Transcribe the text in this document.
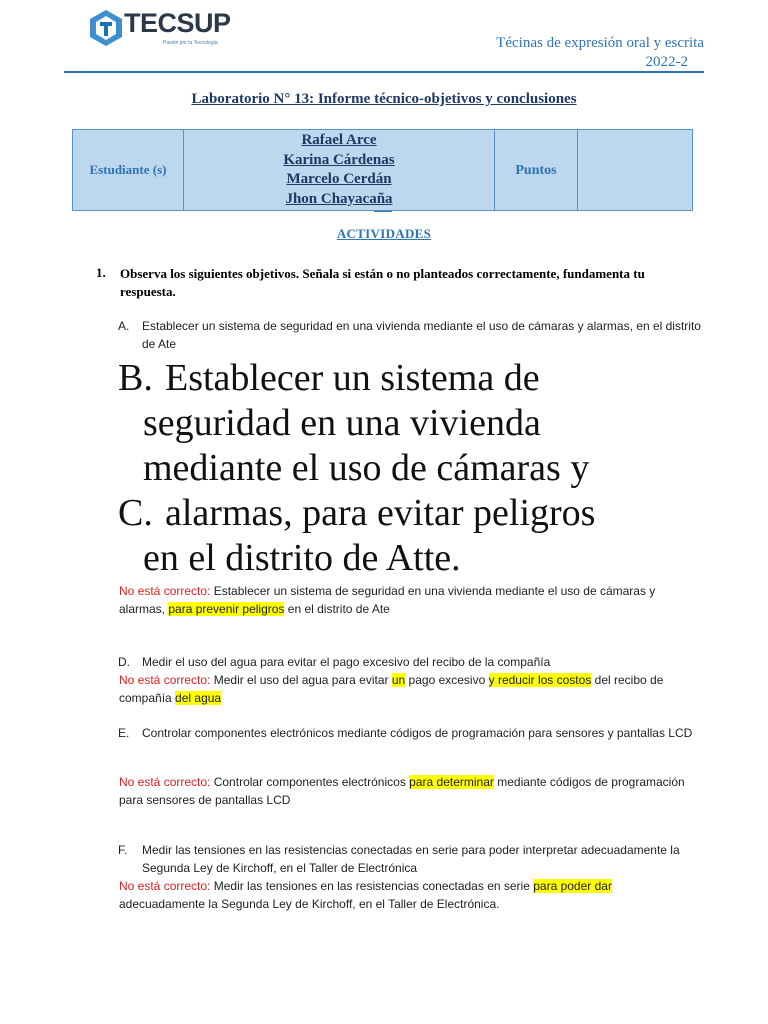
TECSUP
Pasión por la Tecnología	Técinas de expresión oral y escrita
2022-2
Laboratorio N° 13: Informe técnico-objetivos y conclusiones
Estudiante (s)	
Rafael Arce
Karina Cárdenas
Marcelo Cerdán
Jhon Chayacaña
	Puntos	
ACTIVIDADES
1. Observa los siguientes objetivos. Señala si están o no planteados correctamente, fundamenta tu respuesta.
A.	Establecer un sistema de seguridad en una vivienda mediante el uso de cámaras y alarmas, en el distrito de Ate
B. Establecer un sistema de
seguridad en una vivienda
mediante el uso de cámaras y
C. alarmas, para evitar peligros
en el distrito de Atte.
No está correcto: Establecer un sistema de seguridad en una vivienda mediante el uso de cámaras y alarmas, para prevenir peligros en el distrito de Ate
D.	Medir el uso del agua para evitar el pago excesivo del recibo de la compañía
No está correcto: Medir el uso del agua para evitar un pago excesivo y reducir los costos del recibo de compañía del agua
E.	Controlar componentes electrónicos mediante códigos de programación para sensores y pantallas LCD
No está correcto: Controlar componentes electrónicos para determinar mediante códigos de programación para sensores de pantallas LCD
F.	Medir las tensiones en las resistencias conectadas en serie para poder interpretar adecuadamente la Segunda Ley de Kirchoff, en el Taller de Electrónica
No está correcto: Medir las tensiones en las resistencias conectadas en serie para poder dar adecuadamente la Segunda Ley de Kirchoff, en el Taller de Electrónica.
